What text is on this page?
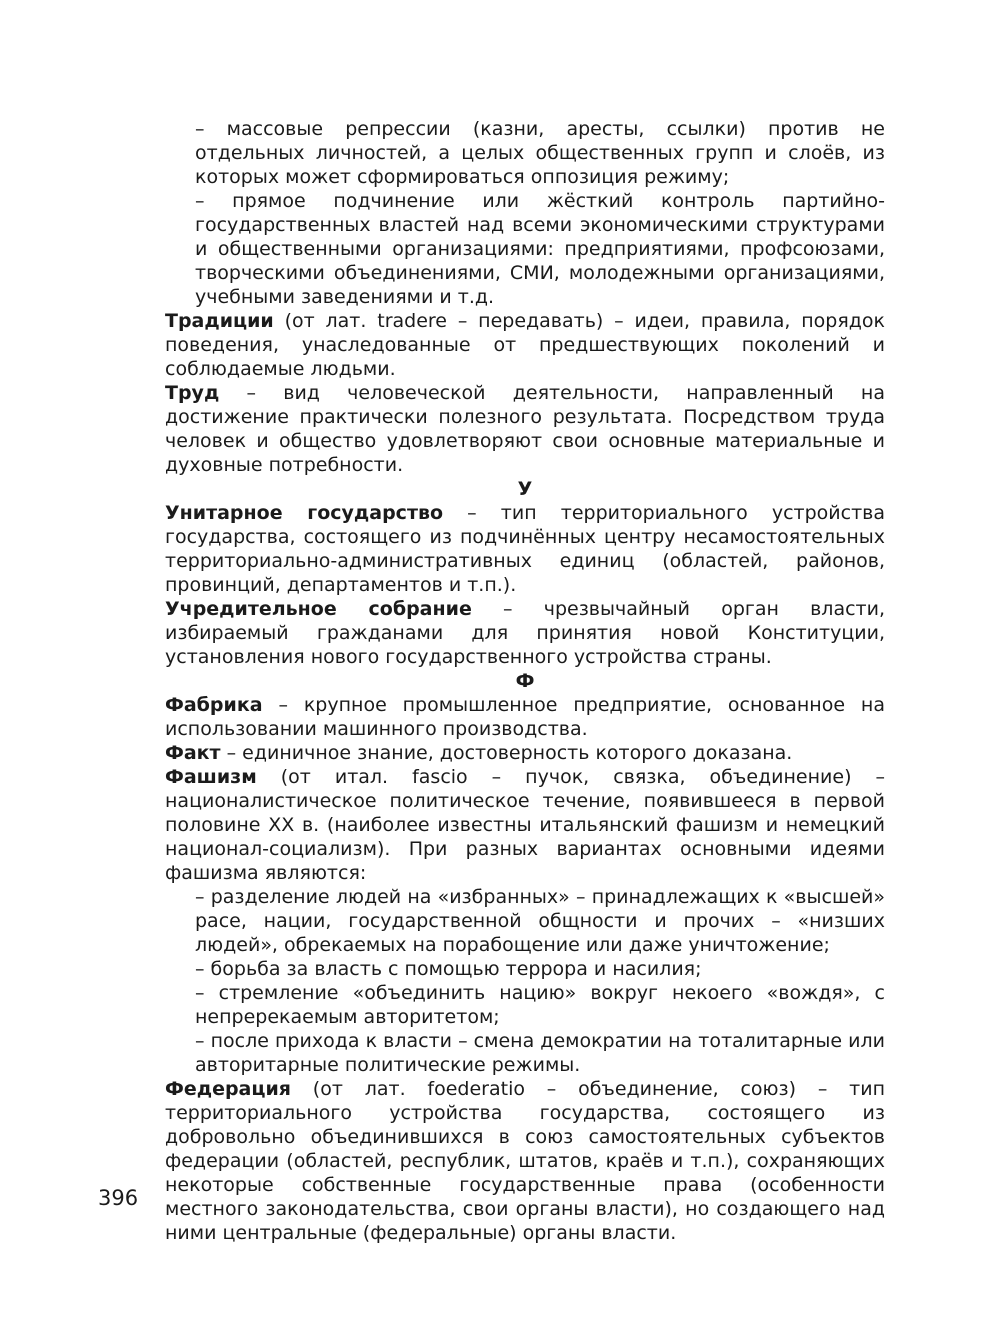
– массовые репрессии (казни, аресты, ссылки) против не отдельных личностей, а целых общественных групп и слоёв, из которых может сформироваться оппозиция режиму;

– прямое подчинение или жёсткий контроль партийно-государственных властей над всеми экономическими структурами и общественными организациями: предприятиями, профсоюзами, творческими объединениями, СМИ, молодежными организациями, учебными заведениями и т.д.

Традиции (от лат. tradere – передавать) – идеи, правила, порядок поведения, унаследованные от предшествующих поколений и соблюдаемые людьми.

Труд – вид человеческой деятельности, направленный на достижение практически полезного результата. Посредством труда человек и общество удовлетворяют свои основные материальные и духовные потребности.

У

Унитарное государство – тип территориального устройства государства, состоящего из подчинённых центру несамостоятельных территориально-административных единиц (областей, районов, провинций, департаментов и т.п.).

Учредительное собрание – чрезвычайный орган власти, избираемый гражданами для принятия новой Конституции, установления нового государственного устройства страны.

Ф

Фабрика – крупное промышленное предприятие, основанное на использовании машинного производства.

Факт – единичное знание, достоверность которого доказана.

Фашизм (от итал. fascio – пучок, связка, объединение) – националистическое политическое течение, появившееся в первой половине XX в. (наиболее известны итальянский фашизм и немецкий национал-социализм). При разных вариантах основными идеями фашизма являются:

– разделение людей на «избранных» – принадлежащих к «высшей» расе, нации, государственной общности и прочих – «низших людей», обрекаемых на порабощение или даже уничтожение;

– борьба за власть с помощью террора и насилия;

– стремление «объединить нацию» вокруг некоего «вождя», с непререкаемым авторитетом;

– после прихода к власти – смена демократии на тоталитарные или авторитарные политические режимы.

Федерация (от лат. foederatio – объединение, союз) – тип территориального устройства государства, состоящего из добровольно объединившихся в союз самостоятельных субъектов федерации (областей, республик, штатов, краёв и т.п.), сохраняющих некоторые собственные государственные права (особенности местного законодательства, свои органы власти), но создающего над ними центральные (федеральные) органы власти.

396
